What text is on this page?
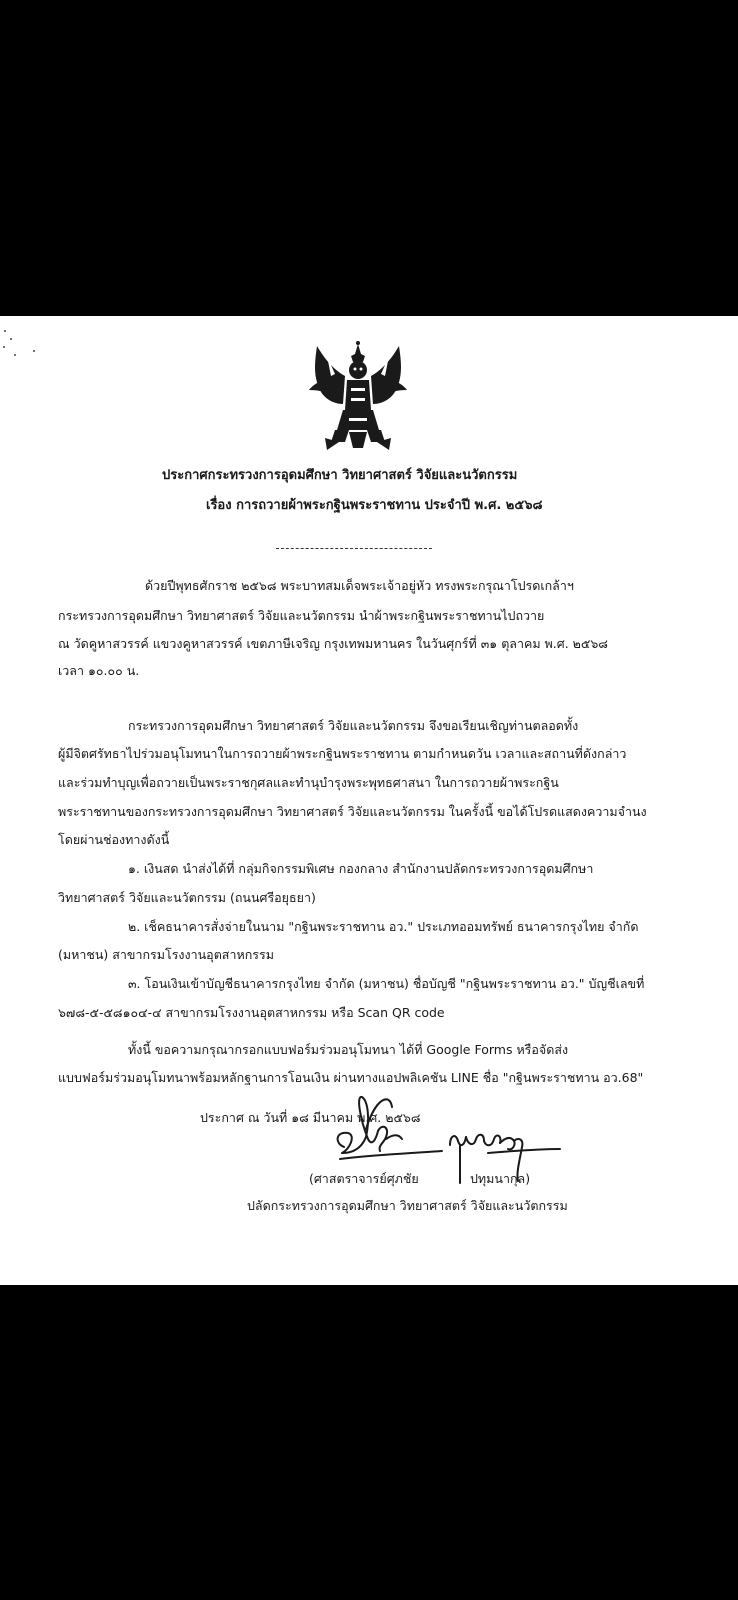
ประกาศกระทรวงการอุดมศึกษา วิทยาศาสตร์ วิจัยและนวัตกรรม
เรื่อง การถวายผ้าพระกฐินพระราชทาน ประจำปี พ.ศ. ๒๕๖๘
ด้วยปีพุทธศักราช ๒๕๖๘ พระบาทสมเด็จพระเจ้าอยู่หัว ทรงพระกรุณาโปรดเกล้าฯ
กระทรวงการอุดมศึกษา วิทยาศาสตร์ วิจัยและนวัตกรรม นำผ้าพระกฐินพระราชทานไปถวาย
ณ วัดคูหาสวรรค์ แขวงคูหาสวรรค์ เขตภาษีเจริญ กรุงเทพมหานคร ในวันศุกร์ที่ ๓๑ ตุลาคม พ.ศ. ๒๕๖๘
เวลา ๑๐.๐๐ น.
กระทรวงการอุดมศึกษา วิทยาศาสตร์ วิจัยและนวัตกรรม จึงขอเรียนเชิญท่านตลอดทั้ง
ผู้มีจิตศรัทธาไปร่วมอนุโมทนาในการถวายผ้าพระกฐินพระราชทาน ตามกำหนดวัน เวลาและสถานที่ดังกล่าว
และร่วมทำบุญเพื่อถวายเป็นพระราชกุศลและทำนุบำรุงพระพุทธศาสนา ในการถวายผ้าพระกฐิน
พระราชทานของกระทรวงการอุดมศึกษา วิทยาศาสตร์ วิจัยและนวัตกรรม ในครั้งนี้ ขอได้โปรดแสดงความจำนง
โดยผ่านช่องทางดังนี้
๑. เงินสด นำส่งได้ที่ กลุ่มกิจกรรมพิเศษ กองกลาง สำนักงานปลัดกระทรวงการอุดมศึกษา
วิทยาศาสตร์ วิจัยและนวัตกรรม (ถนนศรีอยุธยา)
๒. เช็คธนาคารสั่งจ่ายในนาม "กฐินพระราชทาน อว." ประเภทออมทรัพย์ ธนาคารกรุงไทย จำกัด
(มหาชน) สาขากรมโรงงานอุตสาหกรรม
๓. โอนเงินเข้าบัญชีธนาคารกรุงไทย จำกัด (มหาชน) ชื่อบัญชี "กฐินพระราชทาน อว." บัญชีเลขที่
๖๗๘-๕-๕๘๑๐๔-๔ สาขากรมโรงงานอุตสาหกรรม หรือ Scan QR code
ทั้งนี้ ขอความกรุณากรอกแบบฟอร์มร่วมอนุโมทนา ได้ที่ Google Forms หรือจัดส่ง
แบบฟอร์มร่วมอนุโมทนาพร้อมหลักฐานการโอนเงิน ผ่านทางแอปพลิเคชัน LINE ชื่อ "กฐินพระราชทาน อว.68"
ประกาศ ณ วันที่ ๑๘ มีนาคม พ.ศ. ๒๕๖๘
(ศาสตราจารย์ศุภชัย	ปทุมนากุล)
ปลัดกระทรวงการอุดมศึกษา วิทยาศาสตร์ วิจัยและนวัตกรรม
